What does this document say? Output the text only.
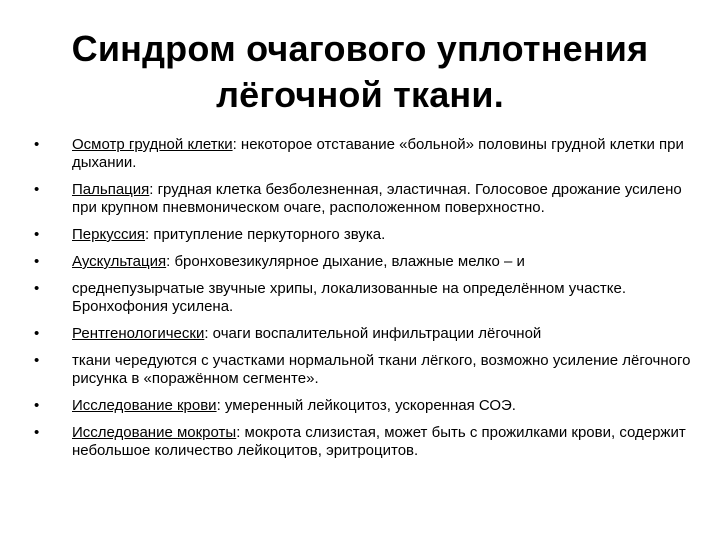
Синдром очагового уплотнения
лёгочной ткани.
• Осмотр грудной клетки: некоторое отставание «больной» половины грудной клетки при дыхании.
• Пальпация: грудная клетка безболезненная, эластичная. Голосовое дрожание усилено при крупном пневмоническом очаге, расположенном поверхностно.
• Перкуссия: притупление перкуторного звука.
• Аускультация: бронховезикулярное дыхание, влажные мелко – и
• среднепузырчатые звучные хрипы, локализованные на определённом участке. Бронхофония усилена.
• Рентгенологически: очаги воспалительной инфильтрации лёгочной
• ткани чередуются с участками нормальной ткани лёгкого, возможно усиление лёгочного рисунка в «поражённом сегменте».
• Исследование крови: умеренный лейкоцитоз, ускоренная СОЭ.
• Исследование мокроты: мокрота слизистая, может быть с прожилками крови, содержит небольшое количество лейкоцитов, эритроцитов.
